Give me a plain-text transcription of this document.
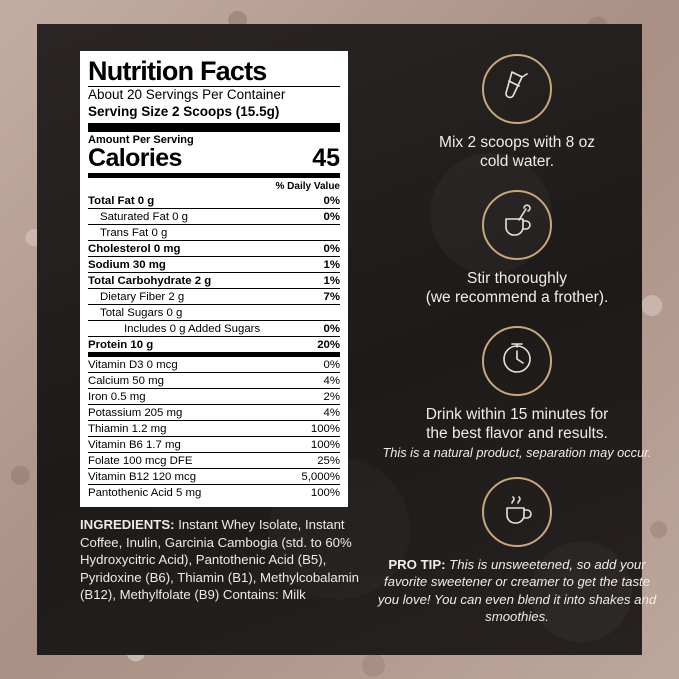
Nutrition Facts
About 20 Servings Per Container
Serving Size 2 Scoops (15.5g)
Amount Per Serving
Calories	45
% Daily Value
Total Fat 0 g	0%
Saturated Fat 0 g	0%
Trans Fat 0 g	
Cholesterol 0 mg	0%
Sodium 30 mg	1%
Total Carbohydrate 2 g	1%
Dietary Fiber 2 g	7%
Total Sugars 0 g	
Includes 0 g Added Sugars	0%
Protein 10 g	20%
Vitamin D3 0 mcg	0%
Calcium 50 mg	4%
Iron 0.5 mg	2%
Potassium 205 mg	4%
Thiamin 1.2 mg	100%
Vitamin B6 1.7 mg	100%
Folate 100 mcg DFE	25%
Vitamin B12 120 mcg	5,000%
Pantothenic Acid 5 mg	100%
INGREDIENTS: Instant Whey Isolate, Instant Coffee, Inulin, Garcinia Cambogia (std. to 60% Hydroxycitric Acid), Pantothenic Acid (B5), Pyridoxine (B6), Thiamin (B1), Methylcobalamin (B12), Methylfolate (B9) Contains: Milk
Mix 2 scoops with 8 oz
cold water.
Stir thoroughly
(we recommend a frother).
Drink within 15 minutes for
the best flavor and results.
This is a natural product, separation may occur.
PRO TIP: This is unsweetened, so add your favorite sweetener or creamer to get the taste you love! You can even blend it into shakes and smoothies.
